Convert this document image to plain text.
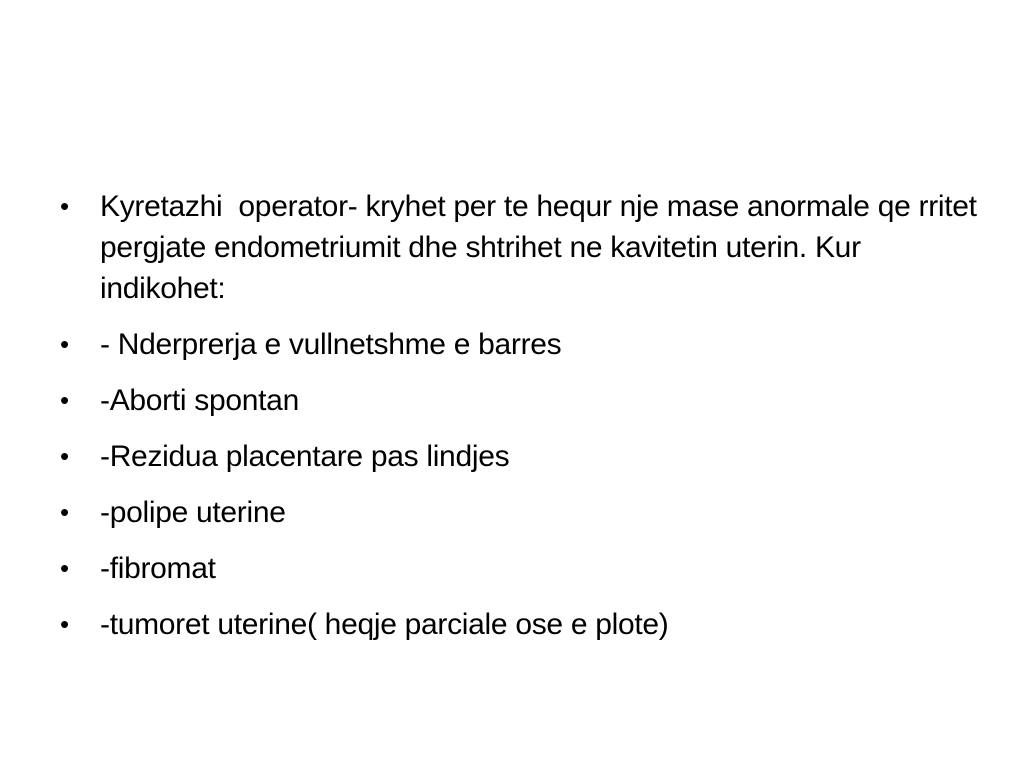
•	Kyretazhi  operator- kryhet per te hequr nje mase anormale qe rritet pergjate endometriumit dhe shtrihet ne kavitetin uterin. Kur indikohet:
•	- Nderprerja e vullnetshme e barres
•	-Aborti spontan
•	-Rezidua placentare pas lindjes
•	-polipe uterine
•	-fibromat
•	-tumoret uterine( heqje parciale ose e plote)
